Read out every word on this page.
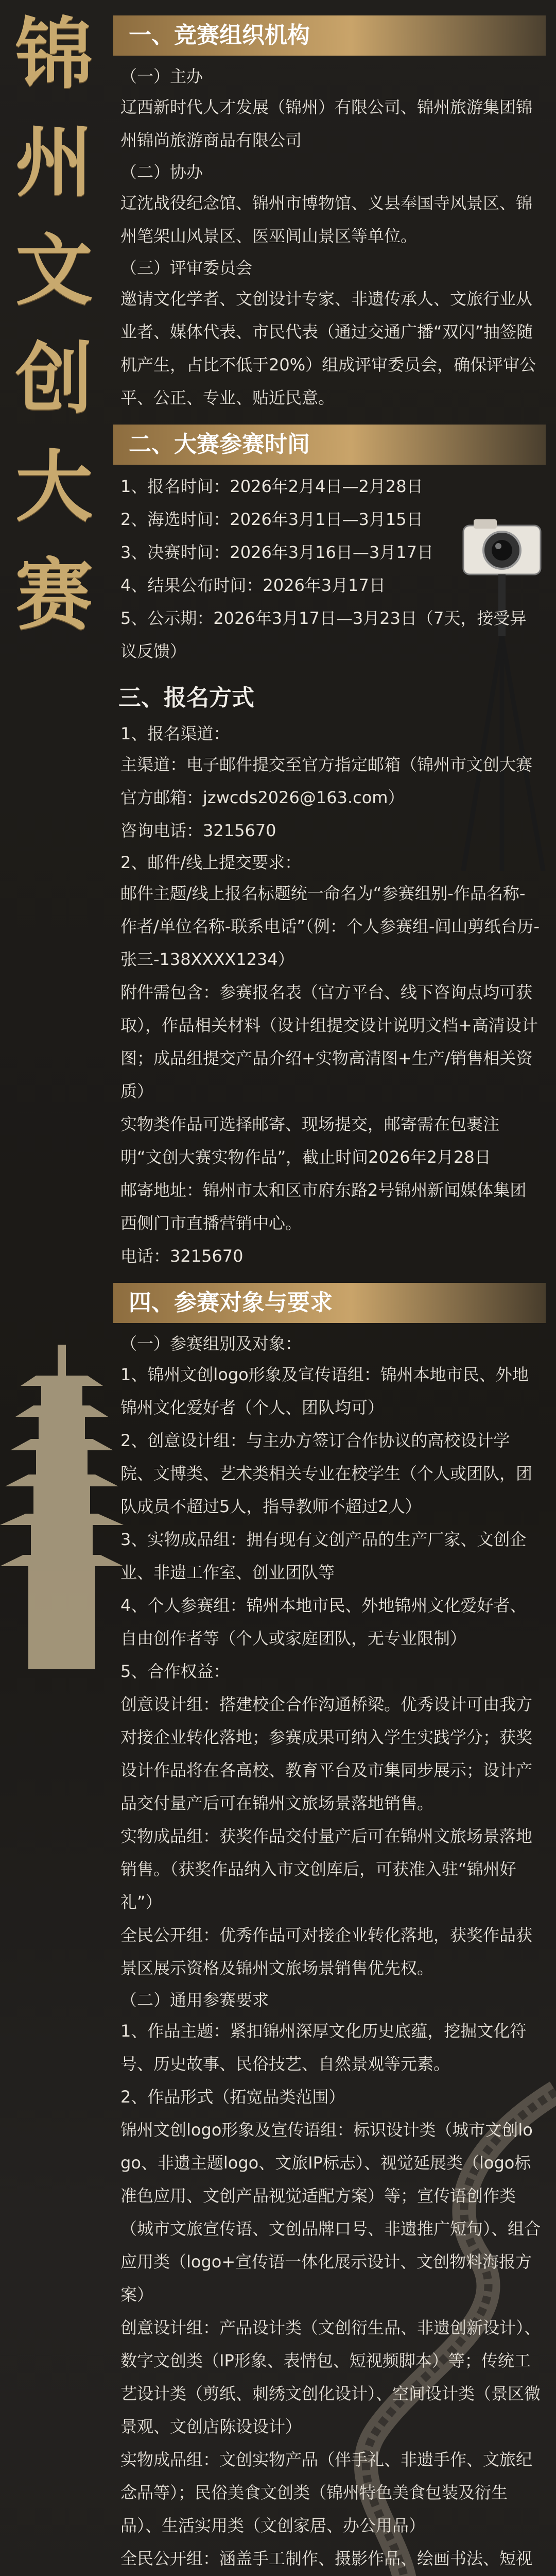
锦
州
文
创
大
赛
一、竞赛组织机构
（一）主办
辽西新时代人才发展（锦州）有限公司、锦州旅游集团锦州锦尚旅游商品有限公司
（二）协办
辽沈战役纪念馆、锦州市博物馆、义县奉国寺风景区、锦州笔架山风景区、医巫闾山景区等单位。
（三）评审委员会
邀请文化学者、文创设计专家、非遗传承人、文旅行业从业者、媒体代表、市民代表（通过交通广播“双闪”抽签随机产生，占比不低于20%）组成评审委员会，确保评审公平、公正、专业、贴近民意。
二、大赛参赛时间
1、报名时间：2026年2月4日—2月28日
2、海选时间：2026年3月1日—3月15日
3、决赛时间：2026年3月16日—3月17日
4、结果公布时间：2026年3月17日
5、公示期：2026年3月17日—3月23日（7天，接受异议反馈）
三、报名方式
1、报名渠道：
主渠道：电子邮件提交至官方指定邮箱（锦州市文创大赛官方邮箱：jzwcds2026@163.com）
咨询电话：3215670
2、邮件/线上提交要求：
邮件主题/线上报名标题统一命名为“参赛组别-作品名称-作者/单位名称-联系电话”（例：个人参赛组-闾山剪纸台历-张三-138XXXX1234）
附件需包含：参赛报名表（官方平台、线下咨询点均可获取），作品相关材料（设计组提交设计说明文档+高清设计图；成品组提交产品介绍+实物高清图+生产/销售相关资质）
实物类作品可选择邮寄、现场提交，邮寄需在包裹注明“文创大赛实物作品”，截止时间2026年2月28日
邮寄地址：锦州市太和区市府东路2号锦州新闻媒体集团西侧门市直播营销中心。
电话：3215670
四、参赛对象与要求
（一）参赛组别及对象：
1、锦州文创logo形象及宣传语组：锦州本地市民、外地锦州文化爱好者（个人、团队均可）
2、创意设计组：与主办方签订合作协议的高校设计学院、文博类、艺术类相关专业在校学生（个人或团队，团队成员不超过5人，指导教师不超过2人）
3、实物成品组：拥有现有文创产品的生产厂家、文创企业、非遗工作室、创业团队等
4、个人参赛组：锦州本地市民、外地锦州文化爱好者、自由创作者等（个人或家庭团队，无专业限制）
5、合作权益：
创意设计组：搭建校企合作沟通桥梁。优秀设计可由我方对接企业转化落地；参赛成果可纳入学生实践学分；获奖设计作品将在各高校、教育平台及市集同步展示；设计产品交付量产后可在锦州文旅场景落地销售。
实物成品组：获奖作品交付量产后可在锦州文旅场景落地销售。（获奖作品纳入市文创库后，可获准入驻“锦州好礼”）
全民公开组：优秀作品可对接企业转化落地，获奖作品获景区展示资格及锦州文旅场景销售优先权。
（二）通用参赛要求
1、作品主题：紧扣锦州深厚文化历史底蕴，挖掘文化符号、历史故事、民俗技艺、自然景观等元素。
2、作品形式（拓宽品类范围）
锦州文创logo形象及宣传语组：标识设计类（城市文创logo、非遗主题logo、文旅IP标志）、视觉延展类（logo标准色应用、文创产品视觉适配方案）等；宣传语创作类（城市文旅宣传语、文创品牌口号、非遗推广短句）、组合应用类（logo+宣传语一体化展示设计、文创物料海报方案）
创意设计组：产品设计类（文创衍生品、非遗创新设计）、数字文创类（IP形象、表情包、短视频脚本）等；传统工艺设计类（剪纸、刺绣文创化设计）、空间设计类（景区微景观、文创店陈设设计）
实物成品组：文创实物产品（伴手礼、非遗手作、文旅纪念品等）；民俗美食文创类（锦州特色美食包装及衍生品）、生活实用类（文创家居、办公用品）
全民公开组：涵盖手工制作、摄影作品、绘画书法、短视
